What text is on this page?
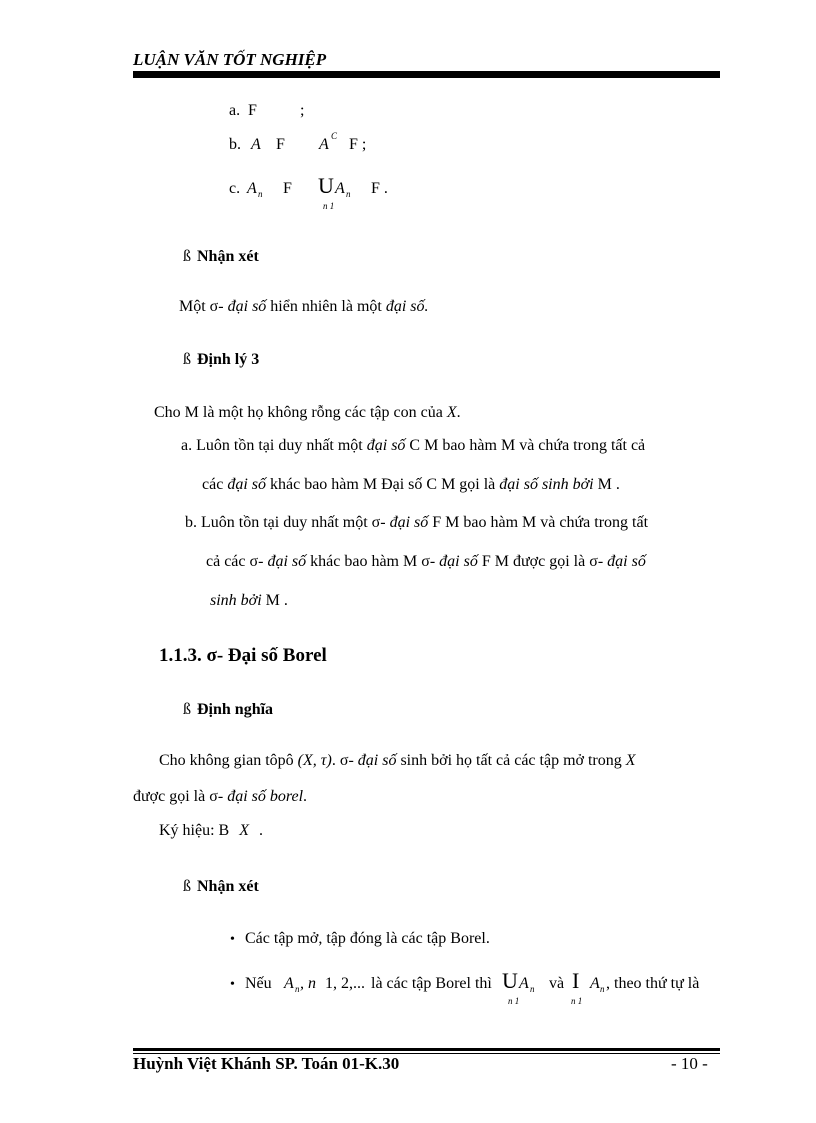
LUẬN VĂN TỐT NGHIỆP
a. F	;
b. A F A C F ;
c. A n F U A n F .
n 1
ß Nhận xét
Một σ- đại số hiển nhiên là một đại số.
ß Định lý 3
Cho M là một họ không rỗng các tập con của X.
a. Luôn tồn tại duy nhất một đại số C M bao hàm M và chứa trong tất cả
các đại số khác bao hàm M Đại số C M gọi là đại số sinh bởi M .
b. Luôn tồn tại duy nhất một σ- đại số F M bao hàm M và chứa trong tất
cả các σ- đại số khác bao hàm M σ- đại số F M được gọi là σ- đại số
sinh bởi M .
1.1.3. σ- Đại số Borel
ß Định nghĩa
Cho không gian tôpô (X, τ). σ- đại số sinh bởi họ tất cả các tập mở trong X
được gọi là σ- đại số borel.
Ký hiệu: B X .
ß Nhận xét
• Các tập mở, tập đóng là các tập Borel.
• Nếu A n , n 1, 2,... là các tập Borel thì U A n và I A n , theo thứ tự là
n 1	n 1
Huỳnh Việt Khánh SP. Toán 01-K.30	- 10 -
